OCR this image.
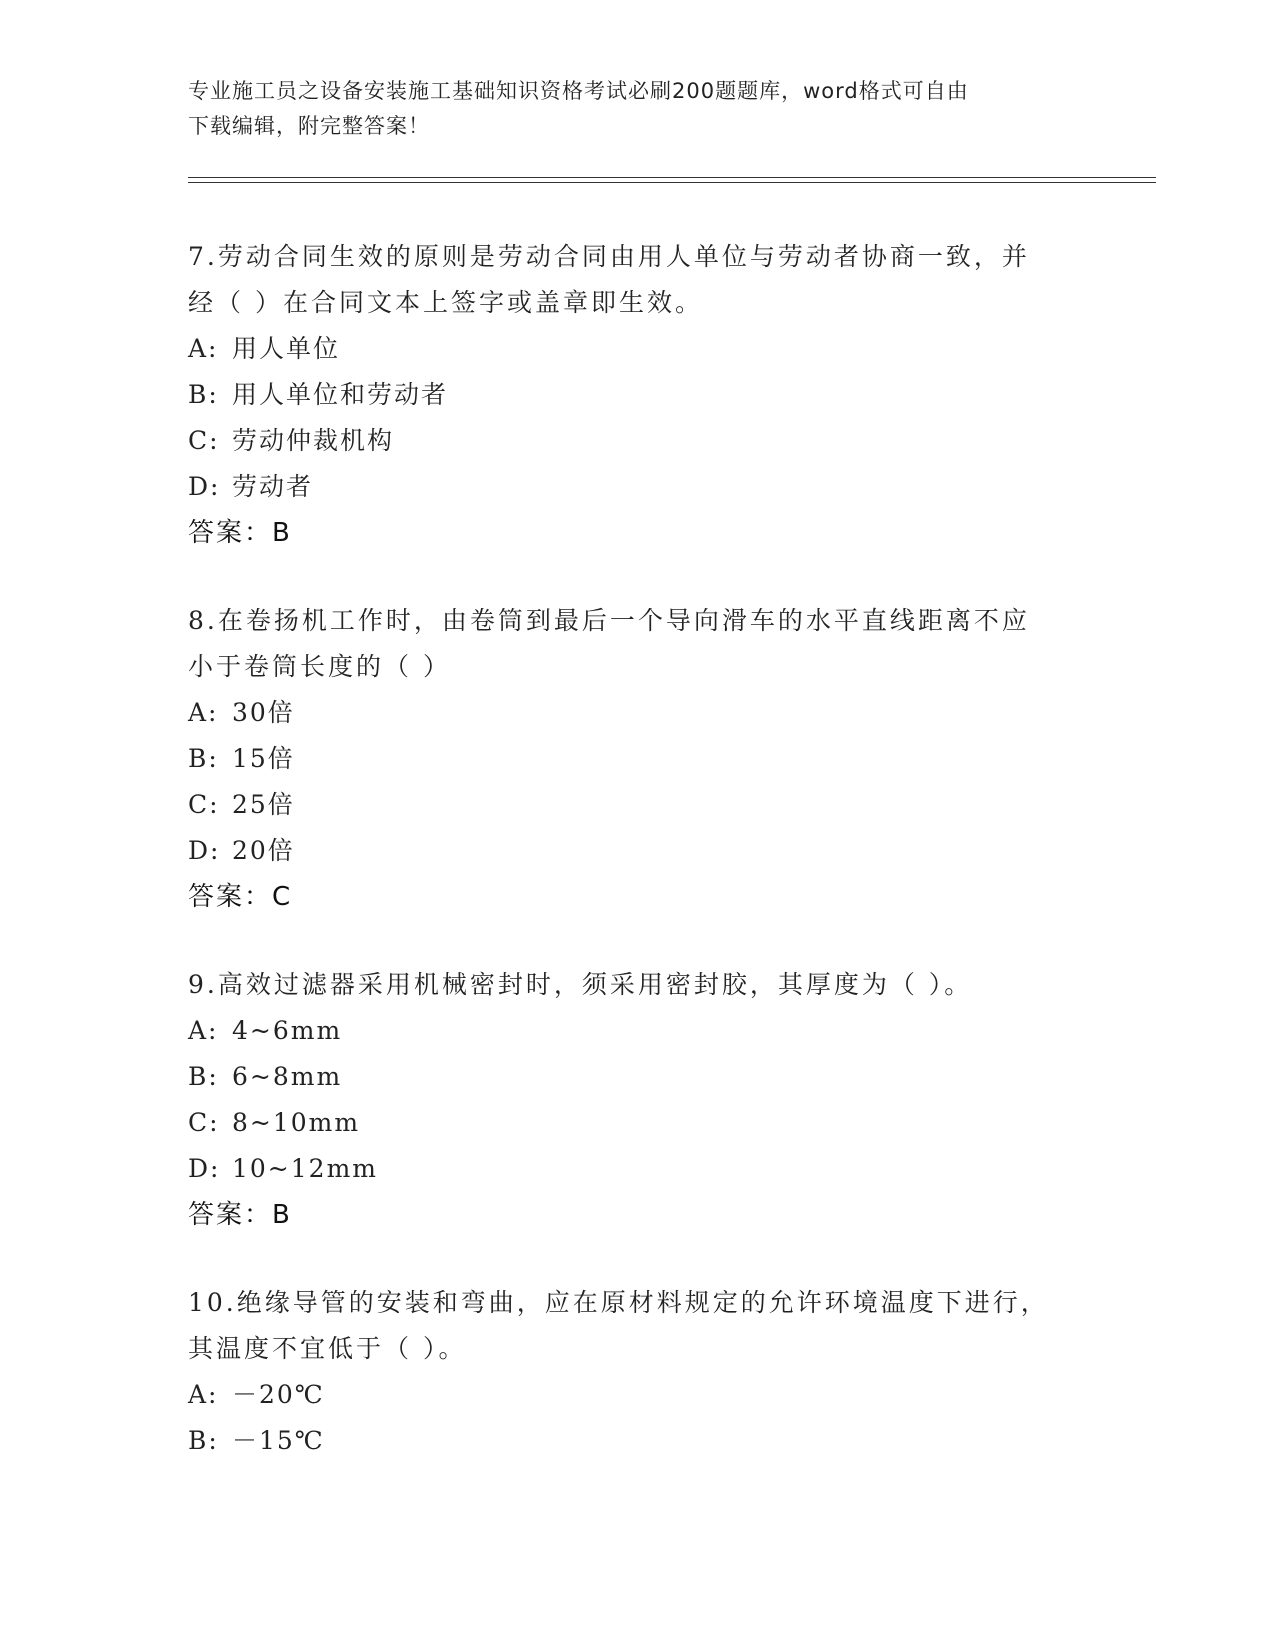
专业施工员之设备安装施工基础知识资格考试必刷200题题库，word格式可自由
下载编辑，附完整答案！

7.劳动合同生效的原则是劳动合同由用人单位与劳动者协商一致，并

经（ ）在合同文本上签字或盖章即生效。

A: 用人单位

B: 用人单位和劳动者

C: 劳动仲裁机构

D: 劳动者

答案：B

8.在卷扬机工作时，由卷筒到最后一个导向滑车的水平直线距离不应

小于卷筒长度的（ ）

A: 30倍

B: 15倍

C: 25倍

D: 20倍

答案：C

9.高效过滤器采用机械密封时，须采用密封胶，其厚度为（ ）。

A: 4~6mm

B: 6~8mm

C: 8~10mm

D: 10~12mm

答案：B

10.绝缘导管的安装和弯曲，应在原材料规定的允许环境温度下进行，

其温度不宜低于（ ）。

A: －20℃

B: －15℃
